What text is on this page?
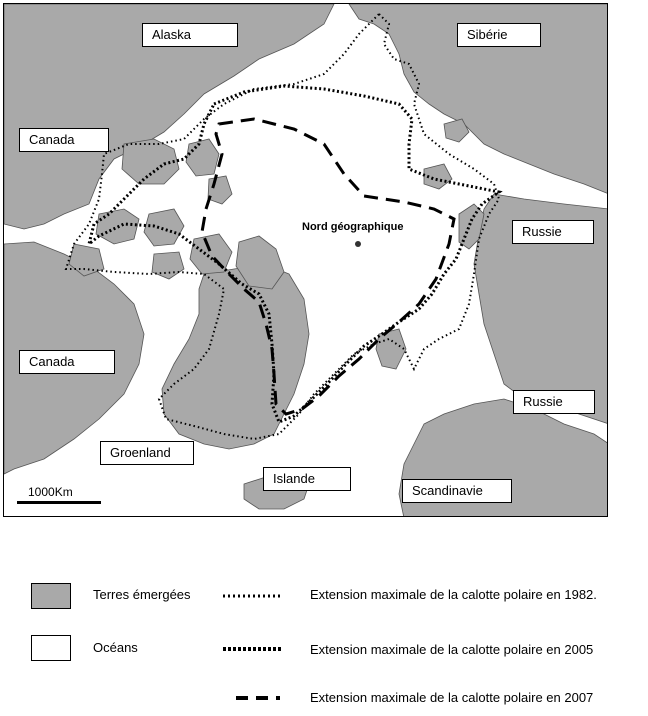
Alaska	Sibérie
Canada
Russie
Canada
Russie
Groenland
Islande
Scandinavie
Nord géographique
1000Km
Terres émergées
Océans
Extension maximale de la calotte polaire en 1982.
Extension maximale de la calotte polaire en 2005
Extension maximale de la calotte polaire en 2007
